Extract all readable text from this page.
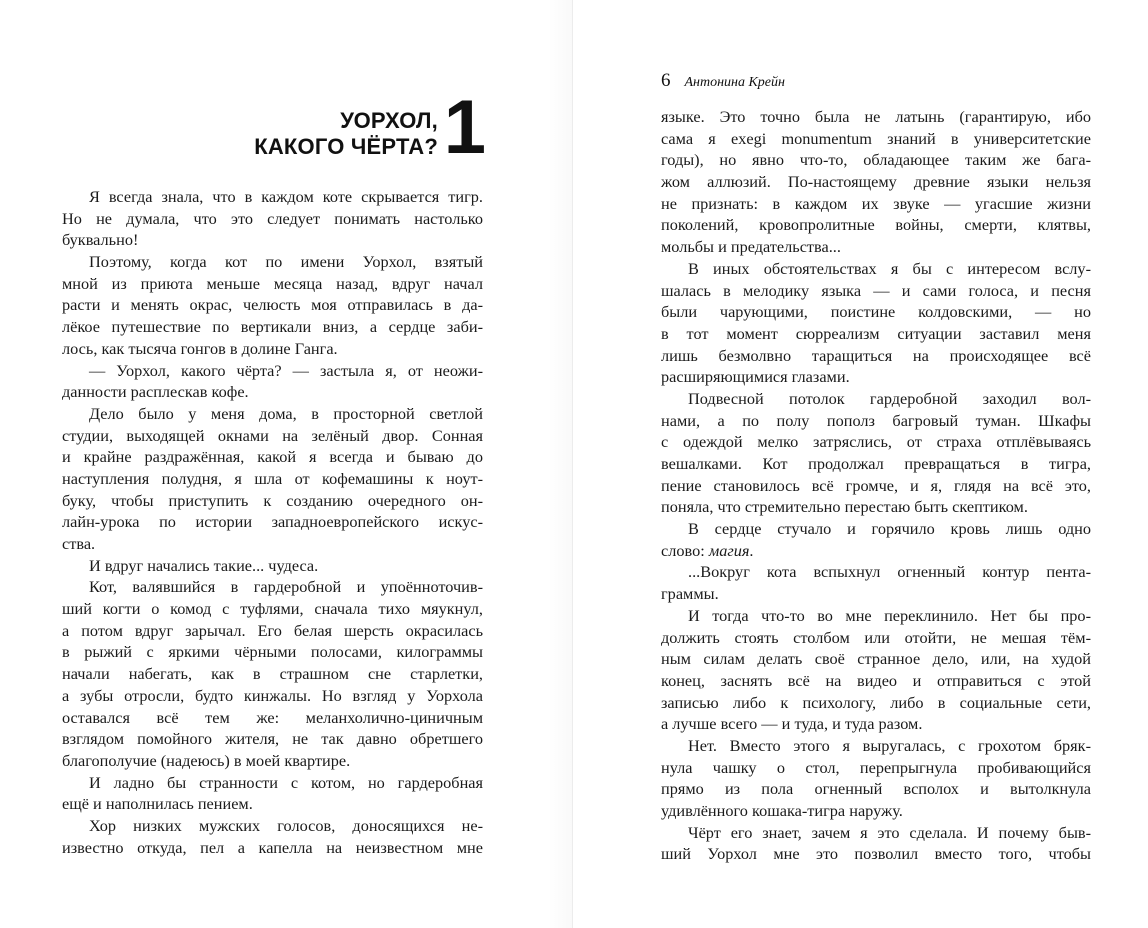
УОРХОЛ,
КАКОГО ЧЁРТА? 1
Я всегда знала, что в каждом коте скрывается тигр.
Но не думала, что это следует понимать настолько
буквально!
Поэтому, когда кот по имени Уорхол, взятый
мной из приюта меньше месяца назад, вдруг начал
расти и менять окрас, челюсть моя отправилась в да-
лёкое путешествие по вертикали вниз, а сердце заби-
лось, как тысяча гонгов в долине Ганга.
— Уорхол, какого чёрта? — застыла я, от неожи-
данности расплескав кофе.
Дело было у меня дома, в просторной светлой
студии, выходящей окнами на зелёный двор. Сонная
и крайне раздражённая, какой я всегда и бываю до
наступления полудня, я шла от кофемашины к ноут-
буку, чтобы приступить к созданию очередного он-
лайн-урока по истории западноевропейского искус-
ства.
И вдруг начались такие... чудеса.
Кот, валявшийся в гардеробной и упоённоточив-
ший когти о комод с туфлями, сначала тихо мяукнул,
а потом вдруг зарычал. Его белая шерсть окрасилась
в рыжий с яркими чёрными полосами, килограммы
начали набегать, как в страшном сне старлетки,
а зубы отросли, будто кинжалы. Но взгляд у Уорхола
оставался всё тем же: меланхолично-циничным
взглядом помойного жителя, не так давно обретшего
благополучие (надеюсь) в моей квартире.
И ладно бы странности с котом, но гардеробная
ещё и наполнилась пением.
Хор низких мужских голосов, доносящихся не-
известно откуда, пел а капелла на неизвестном мне
6 Антонина Крейн
языке. Это точно была не латынь (гарантирую, ибо
сама я exegi monumentum знаний в университетские
годы), но явно что-то, обладающее таким же бага-
жом аллюзий. По-настоящему древние языки нельзя
не признать: в каждом их звуке — угасшие жизни
поколений, кровопролитные войны, смерти, клятвы,
мольбы и предательства...
В иных обстоятельствах я бы с интересом вслу-
шалась в мелодику языка — и сами голоса, и песня
были чарующими, поистине колдовскими, — но
в тот момент сюрреализм ситуации заставил меня
лишь безмолвно таращиться на происходящее всё
расширяющимися глазами.
Подвесной потолок гардеробной заходил вол-
нами, а по полу пополз багровый туман. Шкафы
с одеждой мелко затряслись, от страха отплёвываясь
вешалками. Кот продолжал превращаться в тигра,
пение становилось всё громче, и я, глядя на всё это,
поняла, что стремительно перестаю быть скептиком.
В сердце стучало и горячило кровь лишь одно
слово: магия.
...Вокруг кота вспыхнул огненный контур пента-
граммы.
И тогда что-то во мне переклинило. Нет бы про-
должить стоять столбом или отойти, не мешая тём-
ным силам делать своё странное дело, или, на худой
конец, заснять всё на видео и отправиться с этой
записью либо к психологу, либо в социальные сети,
а лучше всего — и туда, и туда разом.
Нет. Вместо этого я выругалась, с грохотом бряк-
нула чашку о стол, перепрыгнула пробивающийся
прямо из пола огненный всполох и вытолкнула
удивлённого кошака-тигра наружу.
Чёрт его знает, зачем я это сделала. И почему быв-
ший Уорхол мне это позволил вместо того, чтобы
